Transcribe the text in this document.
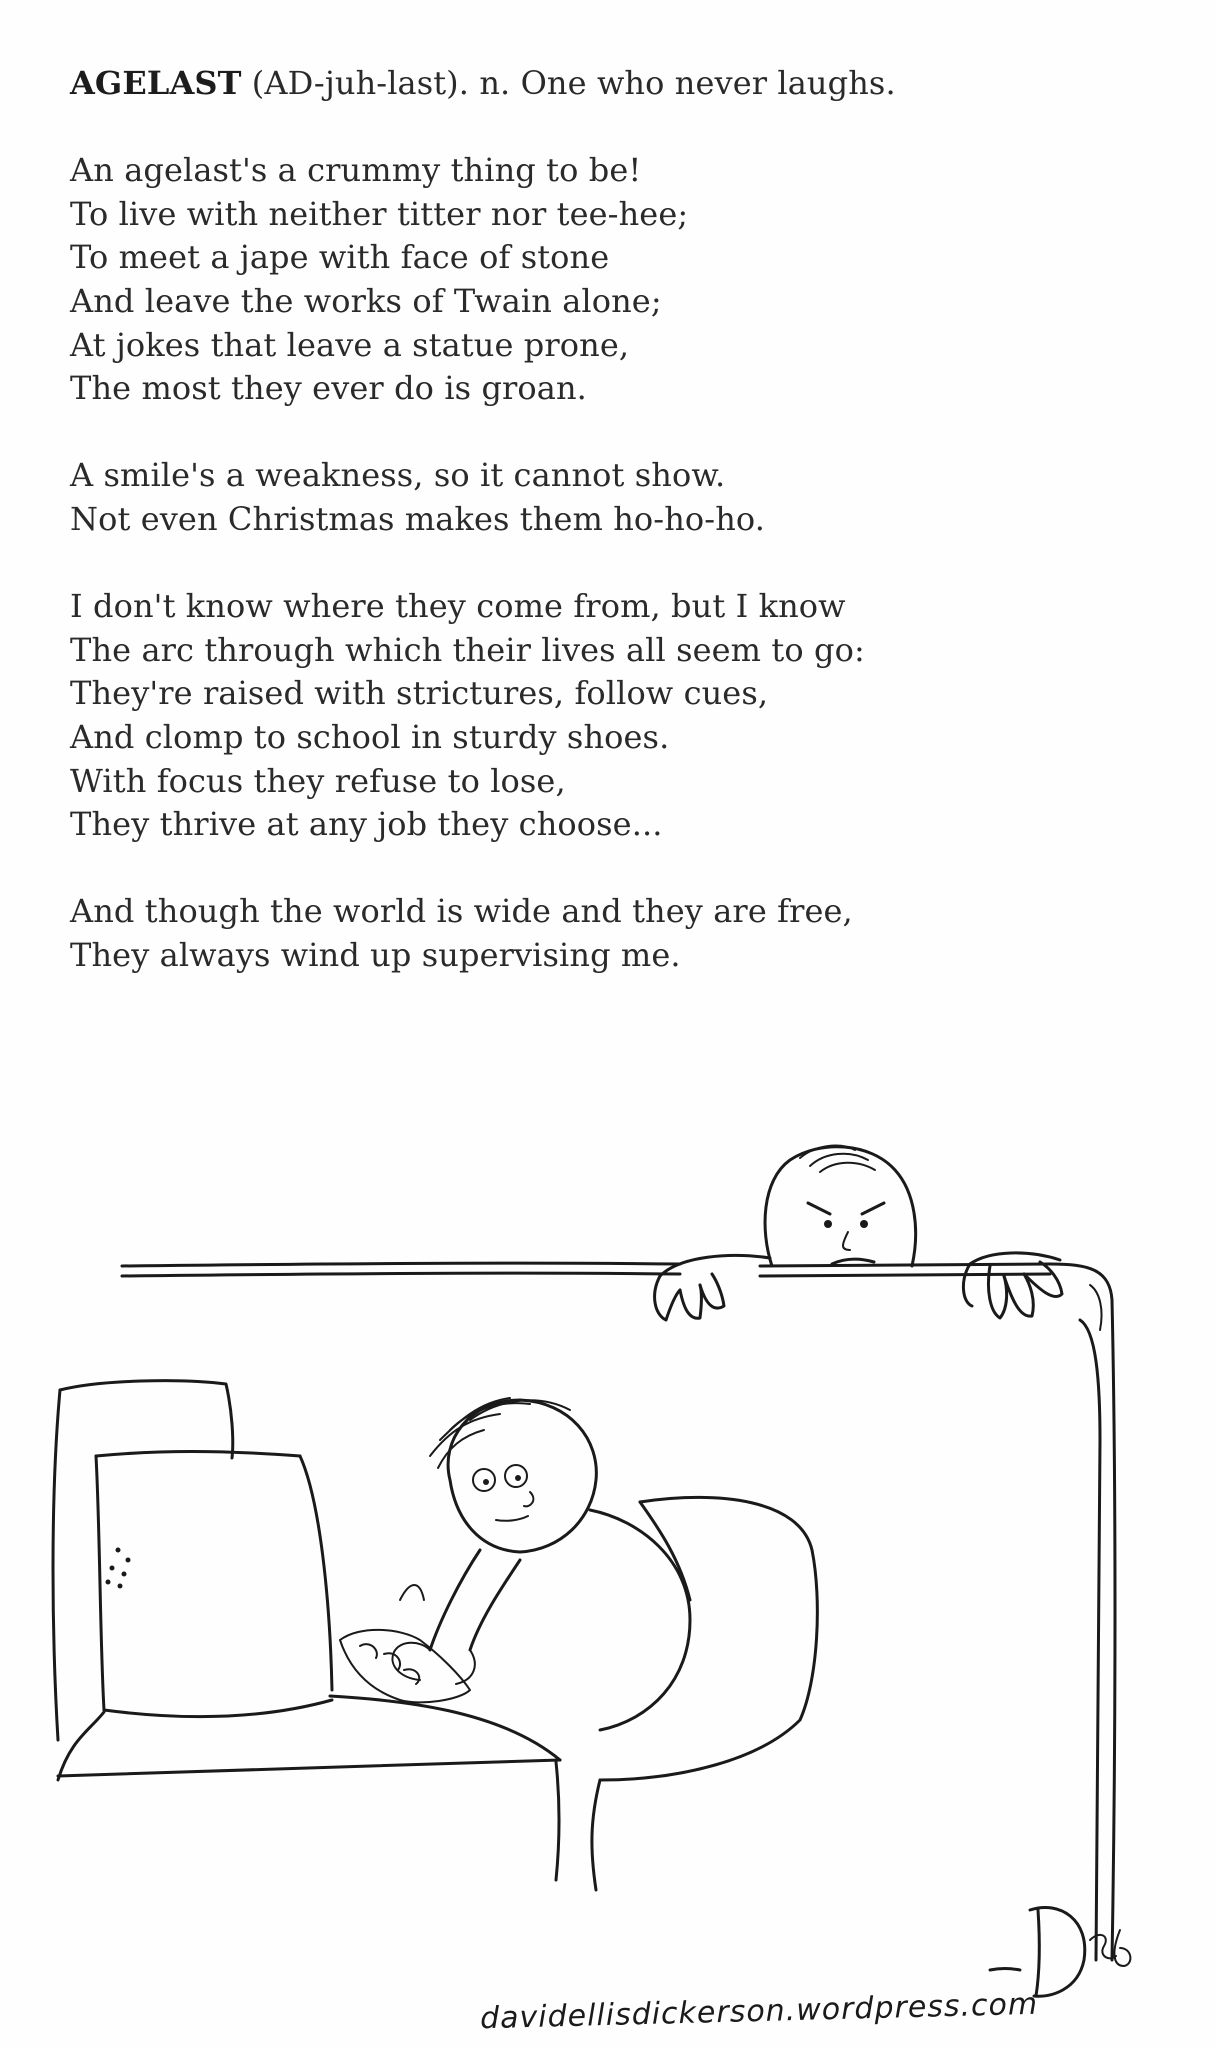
AGELAST (AD-juh-last). n. One who never laughs.
An agelast's a crummy thing to be!
To live with neither titter nor tee-hee;
To meet a jape with face of stone
And leave the works of Twain alone;
At jokes that leave a statue prone,
The most they ever do is groan.
A smile's a weakness, so it cannot show.
Not even Christmas makes them ho-ho-ho.
I don't know where they come from, but I know
The arc through which their lives all seem to go:
They're raised with strictures, follow cues,
And clomp to school in sturdy shoes.
With focus they refuse to lose,
They thrive at any job they choose...
And though the world is wide and they are free,
They always wind up supervising me.
davidellisdickerson.wordpress.com
